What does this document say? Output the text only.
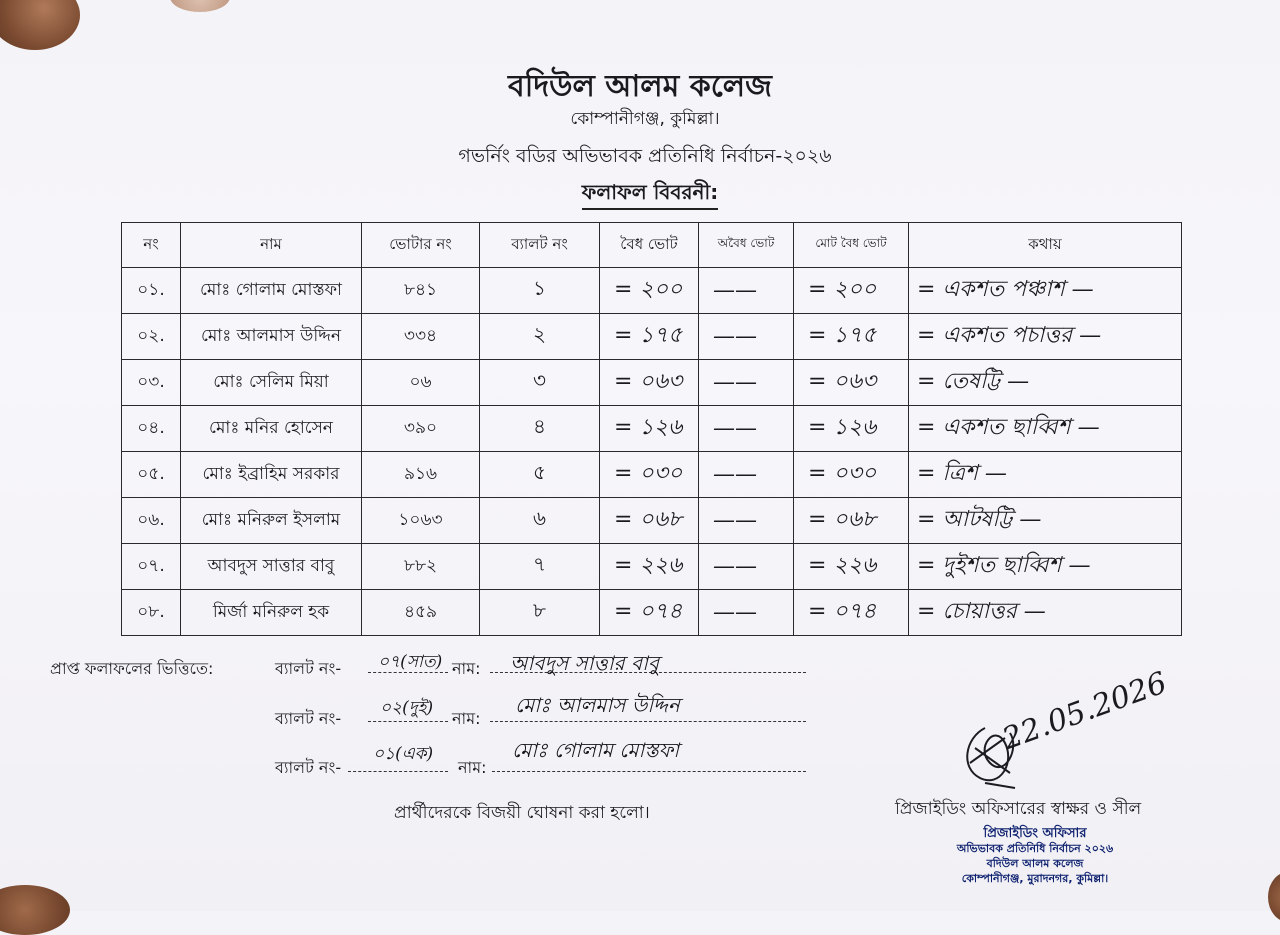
বদিউল আলম কলেজ
কোম্পানীগঞ্জ, কুমিল্লা।
গভর্নিং বডির অভিভাবক প্রতিনিধি নির্বাচন-২০২৬
ফলাফল বিবরনী:
নং	নাম	ভোটার নং	ব্যালট নং	বৈধ ভোট	অবৈধ ভোট	মোট বৈধ ভোট	কথায়
০১.	মোঃ গোলাম মোস্তফা	৮৪১	১	= ২০০	——	= ২০০	= একশত পঞ্চাশ —
০২.	মোঃ আলমাস উদ্দিন	৩৩৪	২	= ১৭৫	——	= ১৭৫	= একশত পচাত্তর —
০৩.	মোঃ সেলিম মিয়া	০৬	৩	= ০৬৩	——	= ০৬৩	= তেষট্টি —
০৪.	মোঃ মনির হোসেন	৩৯০	৪	= ১২৬	——	= ১২৬	= একশত ছাব্বিশ —
০৫.	মোঃ ইব্রাহিম সরকার	৯১৬	৫	= ০৩০	——	= ০৩০	= ত্রিশ —
০৬.	মোঃ মনিরুল ইসলাম	১০৬৩	৬	= ০৬৮	——	= ০৬৮	= আটষট্টি —
০৭.	আবদুস সাত্তার বাবু	৮৮২	৭	= ২২৬	——	= ২২৬	= দুইশত ছাব্বিশ —
০৮.	মির্জা মনিরুল হক	৪৫৯	৮	= ০৭৪	——	= ০৭৪	= চোয়াত্তর —
প্রাপ্ত ফলাফলের ভিত্তিতে:	ব্যালট নং- ০৭(সাত) নাম: আবদুস সাত্তার বাবু
ব্যালট নং-
০২(দুই)
নাম:
মোঃ আলমাস উদ্দিন
ব্যালট নং-
০১(এক)
নাম:
মোঃ গোলাম মোস্তফা
প্রার্থীদেরকে বিজয়ী ঘোষনা করা হলো।
22.05.2026
প্রিজাইডিং অফিসারের স্বাক্ষর ও সীল
প্রিজাইডিং অফিসার
অভিভাবক প্রতিনিধি নির্বাচন ২০২৬
বদিউল আলম কলেজ
কোম্পানীগঞ্জ, মুরাদনগর, কুমিল্লা।
